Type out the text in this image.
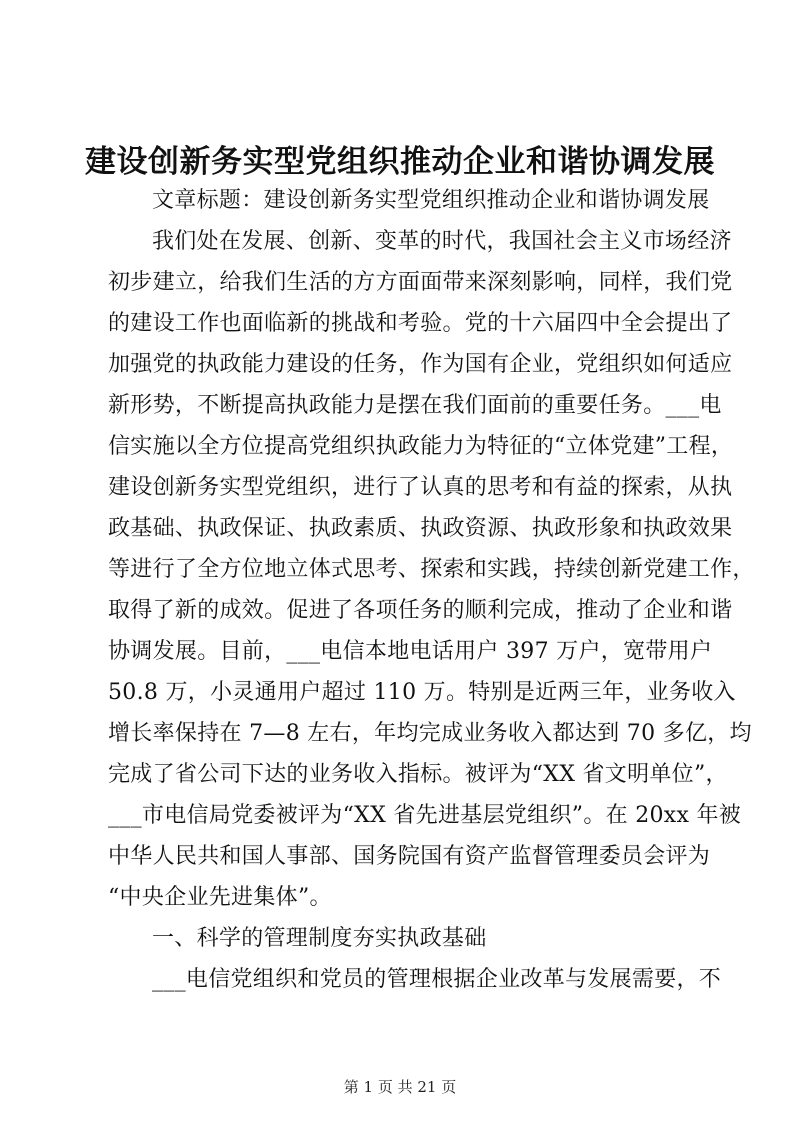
建设创新务实型党组织推动企业和谐协调发展
文章标题：建设创新务实型党组织推动企业和谐协调发展
我们处在发展、创新、变革的时代，我国社会主义市场经济
初步建立，给我们生活的方方面面带来深刻影响，同样，我们党
的建设工作也面临新的挑战和考验。党的十六届四中全会提出了
加强党的执政能力建设的任务，作为国有企业，党组织如何适应
新形势，不断提高执政能力是摆在我们面前的重要任务。___电
信实施以全方位提高党组织执政能力为特征的“立体党建”工程，
建设创新务实型党组织，进行了认真的思考和有益的探索，从执
政基础、执政保证、执政素质、执政资源、执政形象和执政效果
等进行了全方位地立体式思考、探索和实践，持续创新党建工作，
取得了新的成效。促进了各项任务的顺利完成，推动了企业和谐
协调发展。目前，___电信本地电话用户 397 万户，宽带用户
50.8 万，小灵通用户超过 110 万。特别是近两三年，业务收入
增长率保持在 7—8 左右，年均完成业务收入都达到 70 多亿，均
完成了省公司下达的业务收入指标。被评为“XX 省文明单位”，
___市电信局党委被评为“XX 省先进基层党组织”。在 20xx 年被
中华人民共和国人事部、国务院国有资产监督管理委员会评为
“中央企业先进集体”。
一、科学的管理制度夯实执政基础
___电信党组织和党员的管理根据企业改革与发展需要，不
第 1 页 共 21 页
